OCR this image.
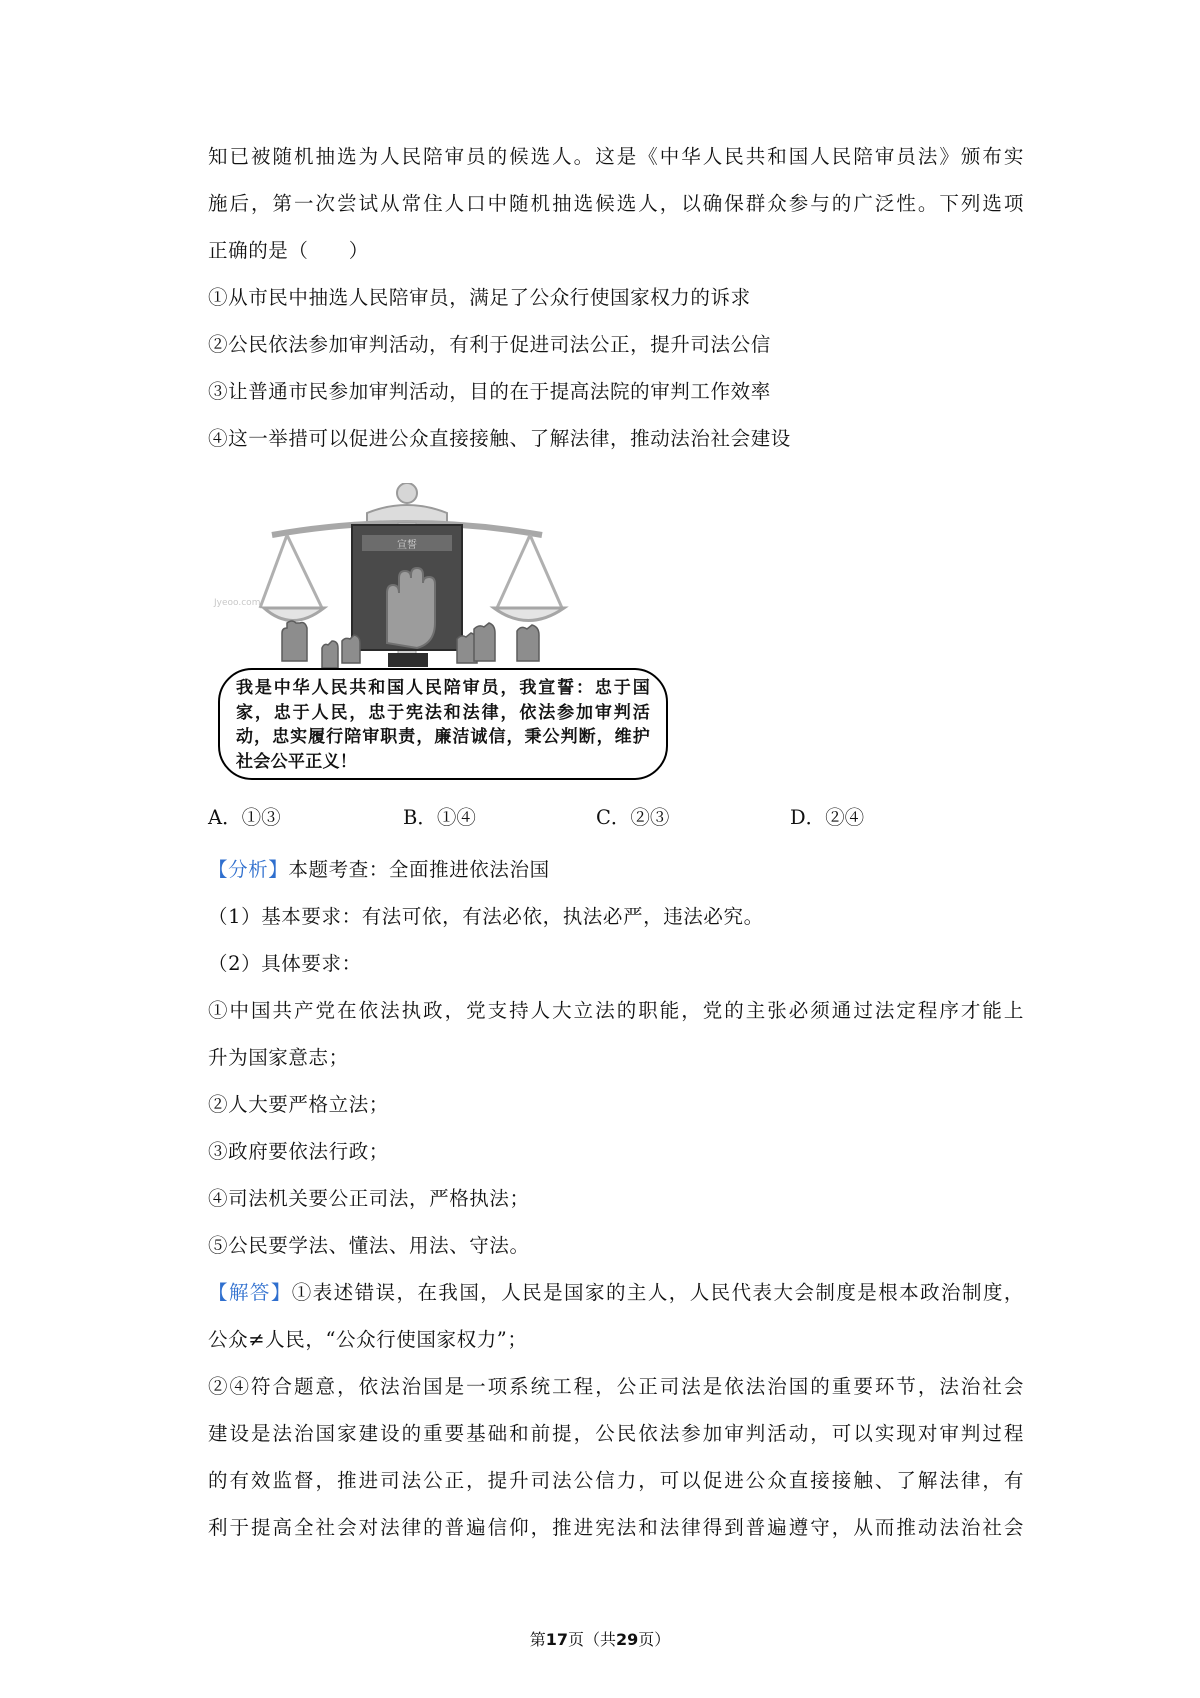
知已被随机抽选为人民陪审员的候选人。这是《中华人民共和国人民陪审员法》颁布实

施后，第一次尝试从常住人口中随机抽选候选人，以确保群众参与的广泛性。下列选项

正确的是（　　）

①从市民中抽选人民陪审员，满足了公众行使国家权力的诉求

②公民依法参加审判活动，有利于促进司法公正，提升司法公信

③让普通市民参加审判活动，目的在于提高法院的审判工作效率

④这一举措可以促进公众直接接触、了解法律，推动法治社会建设

宣誓
Jyeoo.com
我是中华人民共和国人民陪审员，我宣誓：忠于国家，忠于人民，忠于宪法和法律，依法参加审判活动，忠实履行陪审职责，廉洁诚信，秉公判断，维护社会公平正义！
A．①③	B．①④	C．②③	D．②④

【分析】本题考查：全面推进依法治国

（1）基本要求：有法可依，有法必依，执法必严，违法必究。

（2）具体要求：

①中国共产党在依法执政，党支持人大立法的职能，党的主张必须通过法定程序才能上

升为国家意志；

②人大要严格立法；

③政府要依法行政；

④司法机关要公正司法，严格执法；

⑤公民要学法、懂法、用法、守法。

【解答】①表述错误，在我国，人民是国家的主人，人民代表大会制度是根本政治制度，

公众≠人民，“公众行使国家权力”；

②④符合题意，依法治国是一项系统工程，公正司法是依法治国的重要环节，法治社会

建设是法治国家建设的重要基础和前提，公民依法参加审判活动，可以实现对审判过程

的有效监督，推进司法公正，提升司法公信力，可以促进公众直接接触、了解法律，有

利于提高全社会对法律的普遍信仰，推进宪法和法律得到普遍遵守，从而推动法治社会

第17页（共29页）
